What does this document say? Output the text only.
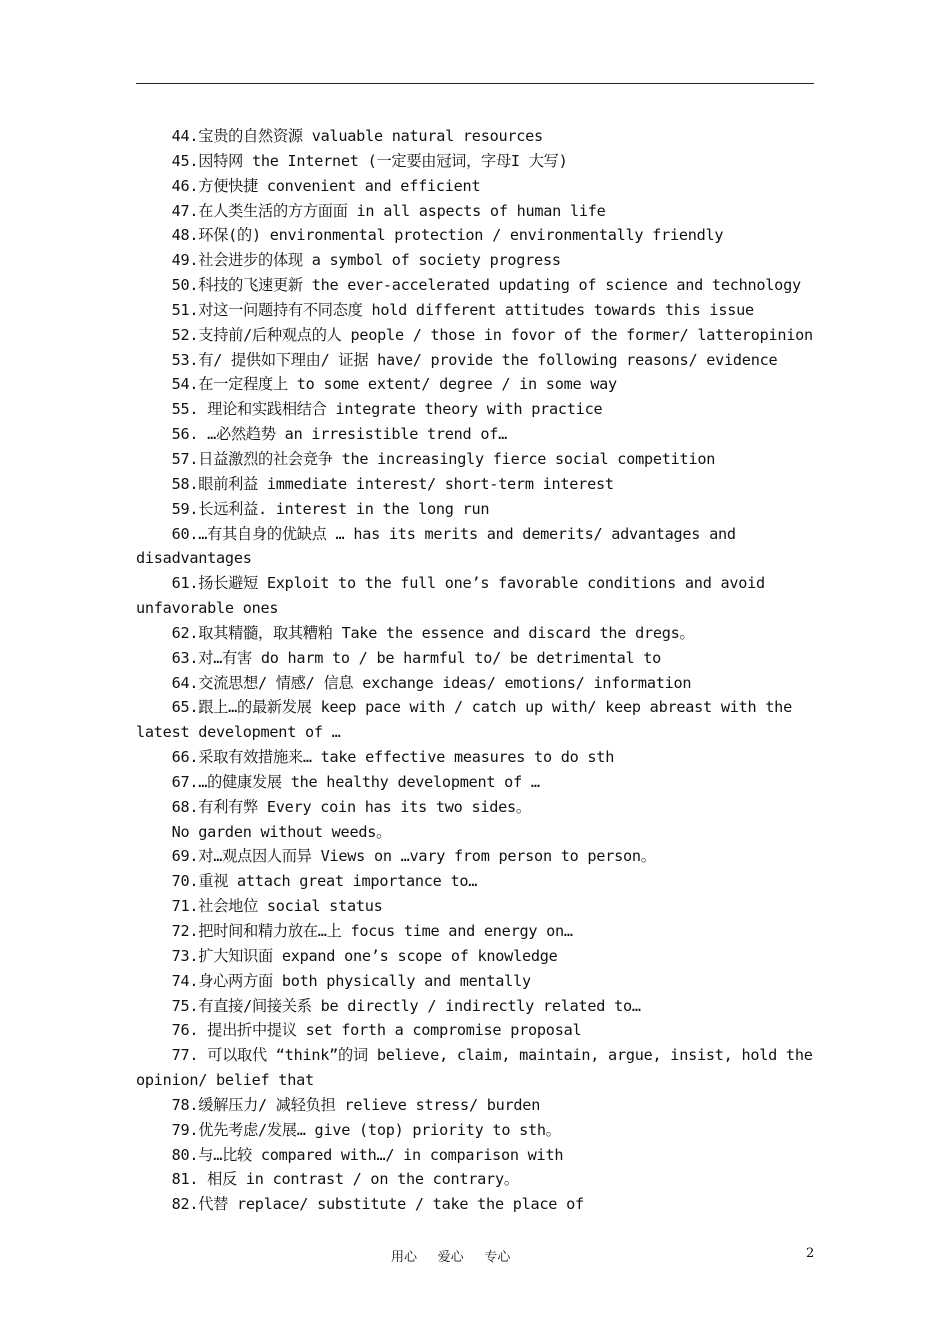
44.宝贵的自然资源 valuable natural resources
45.因特网 the Internet (一定要由冠词，字母I 大写)
46.方便快捷 convenient and efficient
47.在人类生活的方方面面 in all aspects of human life
48.环保(的) environmental protection / environmentally friendly
49.社会进步的体现 a symbol of society progress
50.科技的飞速更新 the ever-accelerated updating of science and technology
51.对这一问题持有不同态度 hold different attitudes towards this issue
52.支持前/后种观点的人 people / those in fovor of the former/ latteropinion
53.有/ 提供如下理由/ 证据 have/ provide the following reasons/ evidence
54.在一定程度上 to some extent/ degree / in some way
55. 理论和实践相结合 integrate theory with practice
56. …必然趋势 an irresistible trend of…
57.日益激烈的社会竞争 the increasingly fierce social competition
58.眼前利益 immediate interest/ short-term interest
59.长远利益. interest in the long run
60.…有其自身的优缺点 … has its merits and demerits/ advantages and
disadvantages
61.扬长避短 Exploit to the full one’s favorable conditions and avoid
unfavorable ones
62.取其精髓，取其糟粕 Take the essence and discard the dregs。
63.对…有害 do harm to / be harmful to/ be detrimental to
64.交流思想/ 情感/ 信息 exchange ideas/ emotions/ information
65.跟上…的最新发展 keep pace with / catch up with/ keep abreast with the
latest development of …
66.采取有效措施来… take effective measures to do sth
67.…的健康发展 the healthy development of …
68.有利有弊 Every coin has its two sides。
No garden without weeds。
69.对…观点因人而异 Views on …vary from person to person。
70.重视 attach great importance to…
71.社会地位 social status
72.把时间和精力放在…上 focus time and energy on…
73.扩大知识面 expand one’s scope of knowledge
74.身心两方面 both physically and mentally
75.有直接/间接关系 be directly / indirectly related to…
76. 提出折中提议 set forth a compromise proposal
77. 可以取代 “think”的词 believe, claim, maintain, argue, insist, hold the
opinion/ belief that
78.缓解压力/ 减轻负担 relieve stress/ burden
79.优先考虑/发展… give (top) priority to sth。
80.与…比较 compared with…/ in comparison with
81. 相反 in contrast / on the contrary。
82.代替 replace/ substitute / take the place of
用心     爱心     专心	2
